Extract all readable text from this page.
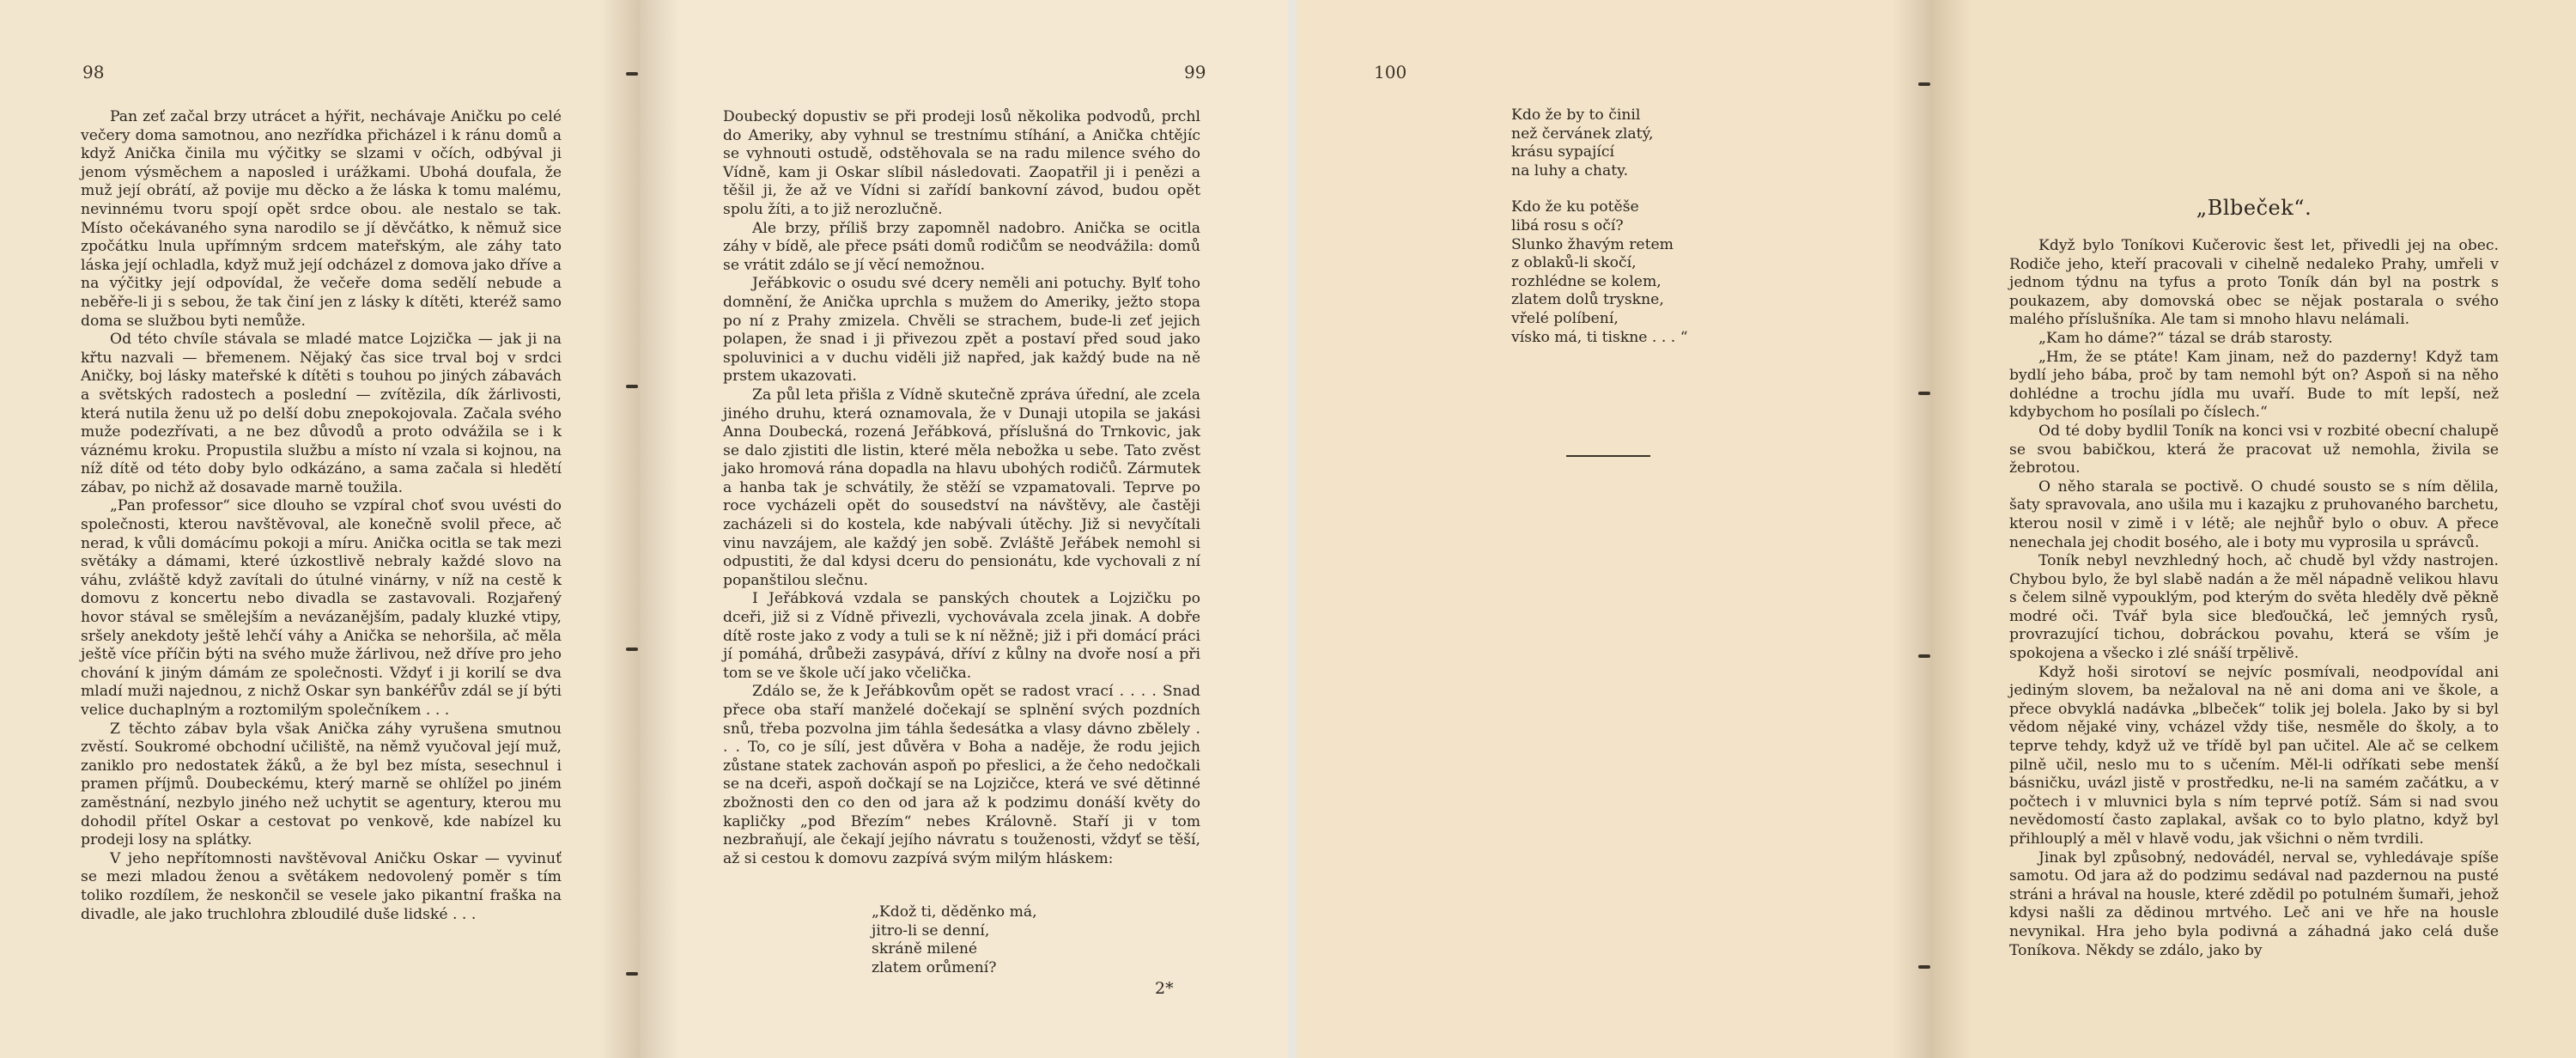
98

Pan zeť začal brzy utrácet a hýřit, nechávaje Aničku po celé večery doma samotnou, ano nezřídka přicházel i k ránu domů a když Anička činila mu výčitky se slzami v očích, odbýval ji jenom výsměchem a naposled i urážkami. Ubohá doufala, že muž její obrátí, až povije mu děcko a že láska k tomu malému, nevinnému tvoru spojí opět srdce obou. ale nestalo se tak. Místo očekávaného syna narodilo se jí děvčátko, k němuž sice zpočátku lnula upřímným srdcem mateřským, ale záhy tato láska její ochladla, když muž její odcházel z domova jako dříve a na výčitky její odpovídal, že večeře doma sedělí nebude a neběře-li ji s sebou, že tak činí jen z lásky k dítěti, kteréž samo doma se službou byti nemůže.

Od této chvíle stávala se mladé matce Lojzička — jak ji na křtu nazvali — břemenem. Nějaký čas sice trval boj v srdci Aničky, boj lásky mateřské k dítěti s touhou po jiných zábavách a světských radostech a poslední — zvítězila, dík žárlivosti, která nutila ženu už po delší dobu znepokojovala. Začala svého muže podezřívati, a ne bez důvodů a proto odvážila se i k váznému kroku. Propustila službu a místo ní vzala si kojnou, na níž dítě od této doby bylo odkázáno, a sama začala si hledětí zábav, po nichž až dosavade marně toužila.

„Pan professor“ sice dlouho se vzpíral choť svou uvésti do společnosti, kterou navštěvoval, ale konečně svolil přece, ač nerad, k vůli domácímu pokoji a míru. Anička ocitla se tak mezi světáky a dámami, které úzkostlivě nebraly každé slovo na váhu, zvláště když zavítali do útulné vinárny, v níž na cestě k domovu z koncertu nebo divadla se zastavovali. Rozjařený hovor stával se smělejším a nevázanějším, padaly kluzké vtipy, sršely anekdoty ještě lehčí váhy a Anička se nehoršila, ač měla ještě více příčin býti na svého muže žárlivou, než dříve pro jeho chování k jiným dámám ze společnosti. Vždyť i ji korilí se dva mladí muži najednou, z nichž Oskar syn bankéřův zdál se jí býti velice duchaplným a roztomilým společníkem . . .

Z těchto zábav byla však Anička záhy vyrušena smutnou zvěstí. Soukromé obchodní učiliště, na němž vyučoval její muž, zaniklo pro nedostatek žáků, a že byl bez místa, sesechnul i pramen příjmů. Doubeckému, který marně se ohlížel po jiném zaměstnání, nezbylo jiného než uchytit se agentury, kterou mu dohodil přítel Oskar a cestovat po venkově, kde nabízel ku prodeji losy na splátky.

V jeho nepřítomnosti navštěvoval Aničku Oskar — vyvinuť se mezi mladou ženou a světákem nedovolený poměr s tím toliko rozdílem, že neskončil se vesele jako pikantní fraška na divadle, ale jako truchlohra zbloudilé duše lidské . . .

99

Doubecký dopustiv se při prodeji losů několika podvodů, prchl do Ameriky, aby vyhnul se trestnímu stíhání, a Anička chtějíc se vyhnouti ostudě, odstěhovala se na radu milence svého do Vídně, kam ji Oskar slíbil následovati. Zaopatřil ji i penězi a těšil ji, že až ve Vídni si zařídí bankovní závod, budou opět spolu žíti, a to již nerozlučně.

Ale brzy, příliš brzy zapomněl nadobro. Anička se ocitla záhy v bídě, ale přece psáti domů rodičům se neodvážila: domů se vrátit zdálo se jí věcí nemožnou.

Jeřábkovic o osudu své dcery neměli ani potuchy. Bylť toho domnění, že Anička uprchla s mužem do Ameriky, ježto stopa po ní z Prahy zmizela. Chvěli se strachem, bude-li zeť jejich polapen, že snad i ji přivezou zpět a postaví před soud jako spoluvinici a v duchu viděli již napřed, jak každý bude na ně prstem ukazovati.

Za půl leta přišla z Vídně skutečně zpráva úřední, ale zcela jiného druhu, která oznamovala, že v Dunaji utopila se jakási Anna Doubecká, rozená Jeřábková, příslušná do Trnkovic, jak se dalo zjistiti dle listin, které měla nebožka u sebe. Tato zvěst jako hromová rána dopadla na hlavu ubohých rodičů. Zármutek a hanba tak je schvátily, že stěží se vzpamatovali. Teprve po roce vycházeli opět do sousedství na návštěvy, ale častěji zacházeli si do kostela, kde nabývali útěchy. Již si nevyčítali vinu navzájem, ale každý jen sobě. Zvláště Jeřábek nemohl si odpustiti, že dal kdysi dceru do pensionátu, kde vychovali z ní popanštilou slečnu.

I Jeřábková vzdala se panských choutek a Lojzičku po dceři, již si z Vídně přivezli, vychovávala zcela jinak. A dobře dítě roste jako z vody a tuli se k ní něžně; již i při domácí práci jí pomáhá, drůbeži zasypává, dříví z kůlny na dvoře nosí a při tom se ve škole učí jako včelička.

Zdálo se, že k Jeřábkovům opět se radost vrací . . . . Snad přece oba staří manželé dočekají se splnění svých pozdních snů, třeba pozvolna jim táhla šedesátka a vlasy dávno zbělely . . . To, co je sílí, jest důvěra v Boha a naděje, že rodu jejich zůstane statek zachován aspoň po přeslici, a že čeho nedočkali se na dceři, aspoň dočkají se na Lojzičce, která ve své dětinné zbožnosti den co den od jara až k podzimu donáší květy do kapličky „pod Březím“ nebes Královně. Staří ji v tom nezbraňují, ale čekají jejího návratu s touženosti, vždyť se těší, až si cestou k domovu zazpívá svým milým hláskem:

„Kdož ti, děděnko má,
jitro-li se denní,
skráně milené
zlatem orůmení?
2*
100
Kdo že by to činil
než červánek zlatý,
krásu sypající
na luhy a chaty.
Kdo že ku potěše
libá rosu s očí?
Slunko žhavým retem
z oblaků-li skočí,
rozhlédne se kolem,
zlatem dolů tryskne,
vřelé políbení,
vísko má, ti tiskne . . . “
„Blbeček“.

Když bylo Toníkovi Kučerovic šest let, přivedli jej na obec. Rodiče jeho, kteří pracovali v cihelně nedaleko Prahy, umřeli v jednom týdnu na tyfus a proto Toník dán byl na postrk s poukazem, aby domovská obec se nějak postarala o svého malého příslušníka. Ale tam si mnoho hlavu nelámali.

„Kam ho dáme?“ tázal se dráb starosty.

„Hm, že se ptáte! Kam jinam, než do pazderny! Když tam bydlí jeho bába, proč by tam nemohl být on? Aspoň si na něho dohlédne a trochu jídla mu uvaří. Bude to mít lepší, než kdybychom ho posílali po číslech.“

Od té doby bydlil Toník na konci vsi v rozbité obecní chalupě se svou babičkou, která že pracovat už nemohla, živila se žebrotou.

O něho starala se poctivě. O chudé sousto se s ním dělila, šaty spravovala, ano ušila mu i kazajku z pruhovaného barchetu, kterou nosil v zimě i v létě; ale nejhůř bylo o obuv. A přece nenechala jej chodit bosého, ale i boty mu vyprosila u správců.

Toník nebyl nevzhledný hoch, ač chudě byl vždy nastrojen. Chybou bylo, že byl slabě nadán a že měl nápadně velikou hlavu s čelem silně vypouklým, pod kterým do světa hleděly dvě pěkně modré oči. Tvář byla sice bleďoučká, leč jemných rysů, provrazující tichou, dobráckou povahu, která se vším je spokojena a všecko i zlé snáší trpělivě.

Když hoši sirotoví se nejvíc posmívali, neodpovídal ani jediným slovem, ba nežaloval na ně ani doma ani ve škole, a přece obvyklá nadávka „blbeček“ tolik jej bolela. Jako by si byl vědom nějaké viny, vcházel vždy tiše, nesměle do školy, a to teprve tehdy, když už ve třídě byl pan učitel. Ale ač se celkem pilně učil, neslo mu to s učením. Měl-li odříkati sebe menší básničku, uvázl jistě v prostředku, ne-li na samém začátku, a v počtech i v mluvnici byla s ním teprvé potíž. Sám si nad svou nevědomostí často zaplakal, avšak co to bylo platno, když byl přihlouplý a měl v hlavě vodu, jak všichni o něm tvrdili.

Jinak byl způsobný, nedovádél, nerval se, vyhledávaje spíše samotu. Od jara až do podzimu sedával nad pazdernou na pusté stráni a hrával na housle, které zdědil po potulném šumaři, jehož kdysi našli za dědinou mrtvého. Leč ani ve hře na housle nevynikal. Hra jeho byla podivná a záhadná jako celá duše Toníkova. Někdy se zdálo, jako by
